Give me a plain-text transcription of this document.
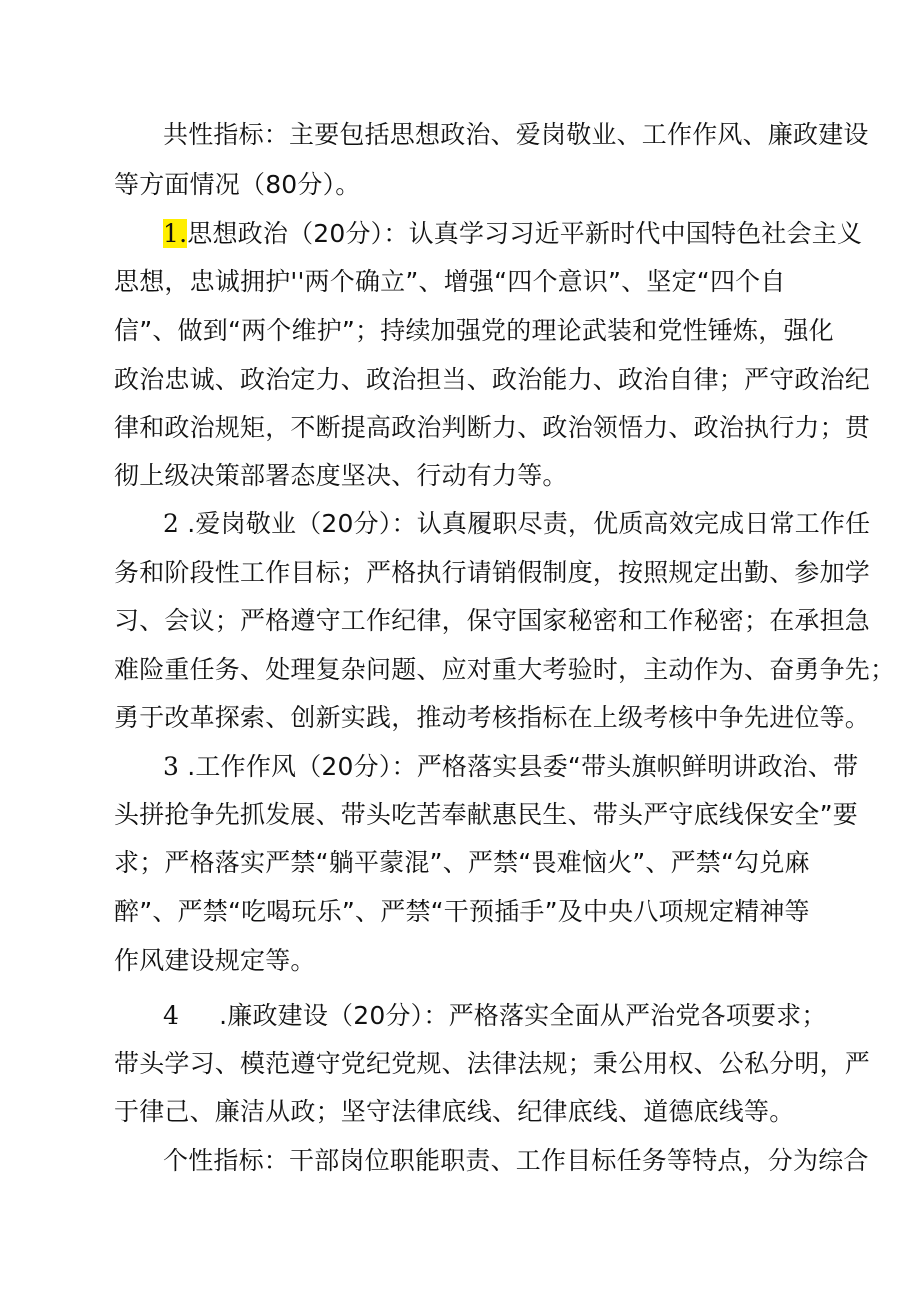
共性指标：主要包括思想政治、爱岗敬业、工作作风、廉政建设
等方面情况（80分）。
1.思想政治（20分）：认真学习习近平新时代中国特色社会主义
思想，忠诚拥护''两个确立”、增强“四个意识”、坚定“四个自
信”、做到“两个维护”；持续加强党的理论武装和党性锤炼，强化
政治忠诚、政治定力、政治担当、政治能力、政治自律；严守政治纪
律和政治规矩，不断提高政治判断力、政治领悟力、政治执行力；贯
彻上级决策部署态度坚决、行动有力等。
2 .爱岗敬业（20分）：认真履职尽责，优质高效完成日常工作任
务和阶段性工作目标；严格执行请销假制度，按照规定出勤、参加学
习、会议；严格遵守工作纪律，保守国家秘密和工作秘密；在承担急
难险重任务、处理复杂问题、应对重大考验时，主动作为、奋勇争先；
勇于改革探索、创新实践，推动考核指标在上级考核中争先进位等。
3 .工作作风（20分）：严格落实县委“带头旗帜鲜明讲政治、带
头拼抢争先抓发展、带头吃苦奉献惠民生、带头严守底线保安全”要
求；严格落实严禁“躺平蒙混”、严禁“畏难恼火”、严禁“勾兑麻
醉”、严禁“吃喝玩乐”、严禁“干预插手”及中央八项规定精神等
作风建设规定等。
4 .廉政建设（20分）：严格落实全面从严治党各项要求；
带头学习、模范遵守党纪党规、法律法规；秉公用权、公私分明，严
于律己、廉洁从政；坚守法律底线、纪律底线、道德底线等。
个性指标：干部岗位职能职责、工作目标任务等特点，分为综合
